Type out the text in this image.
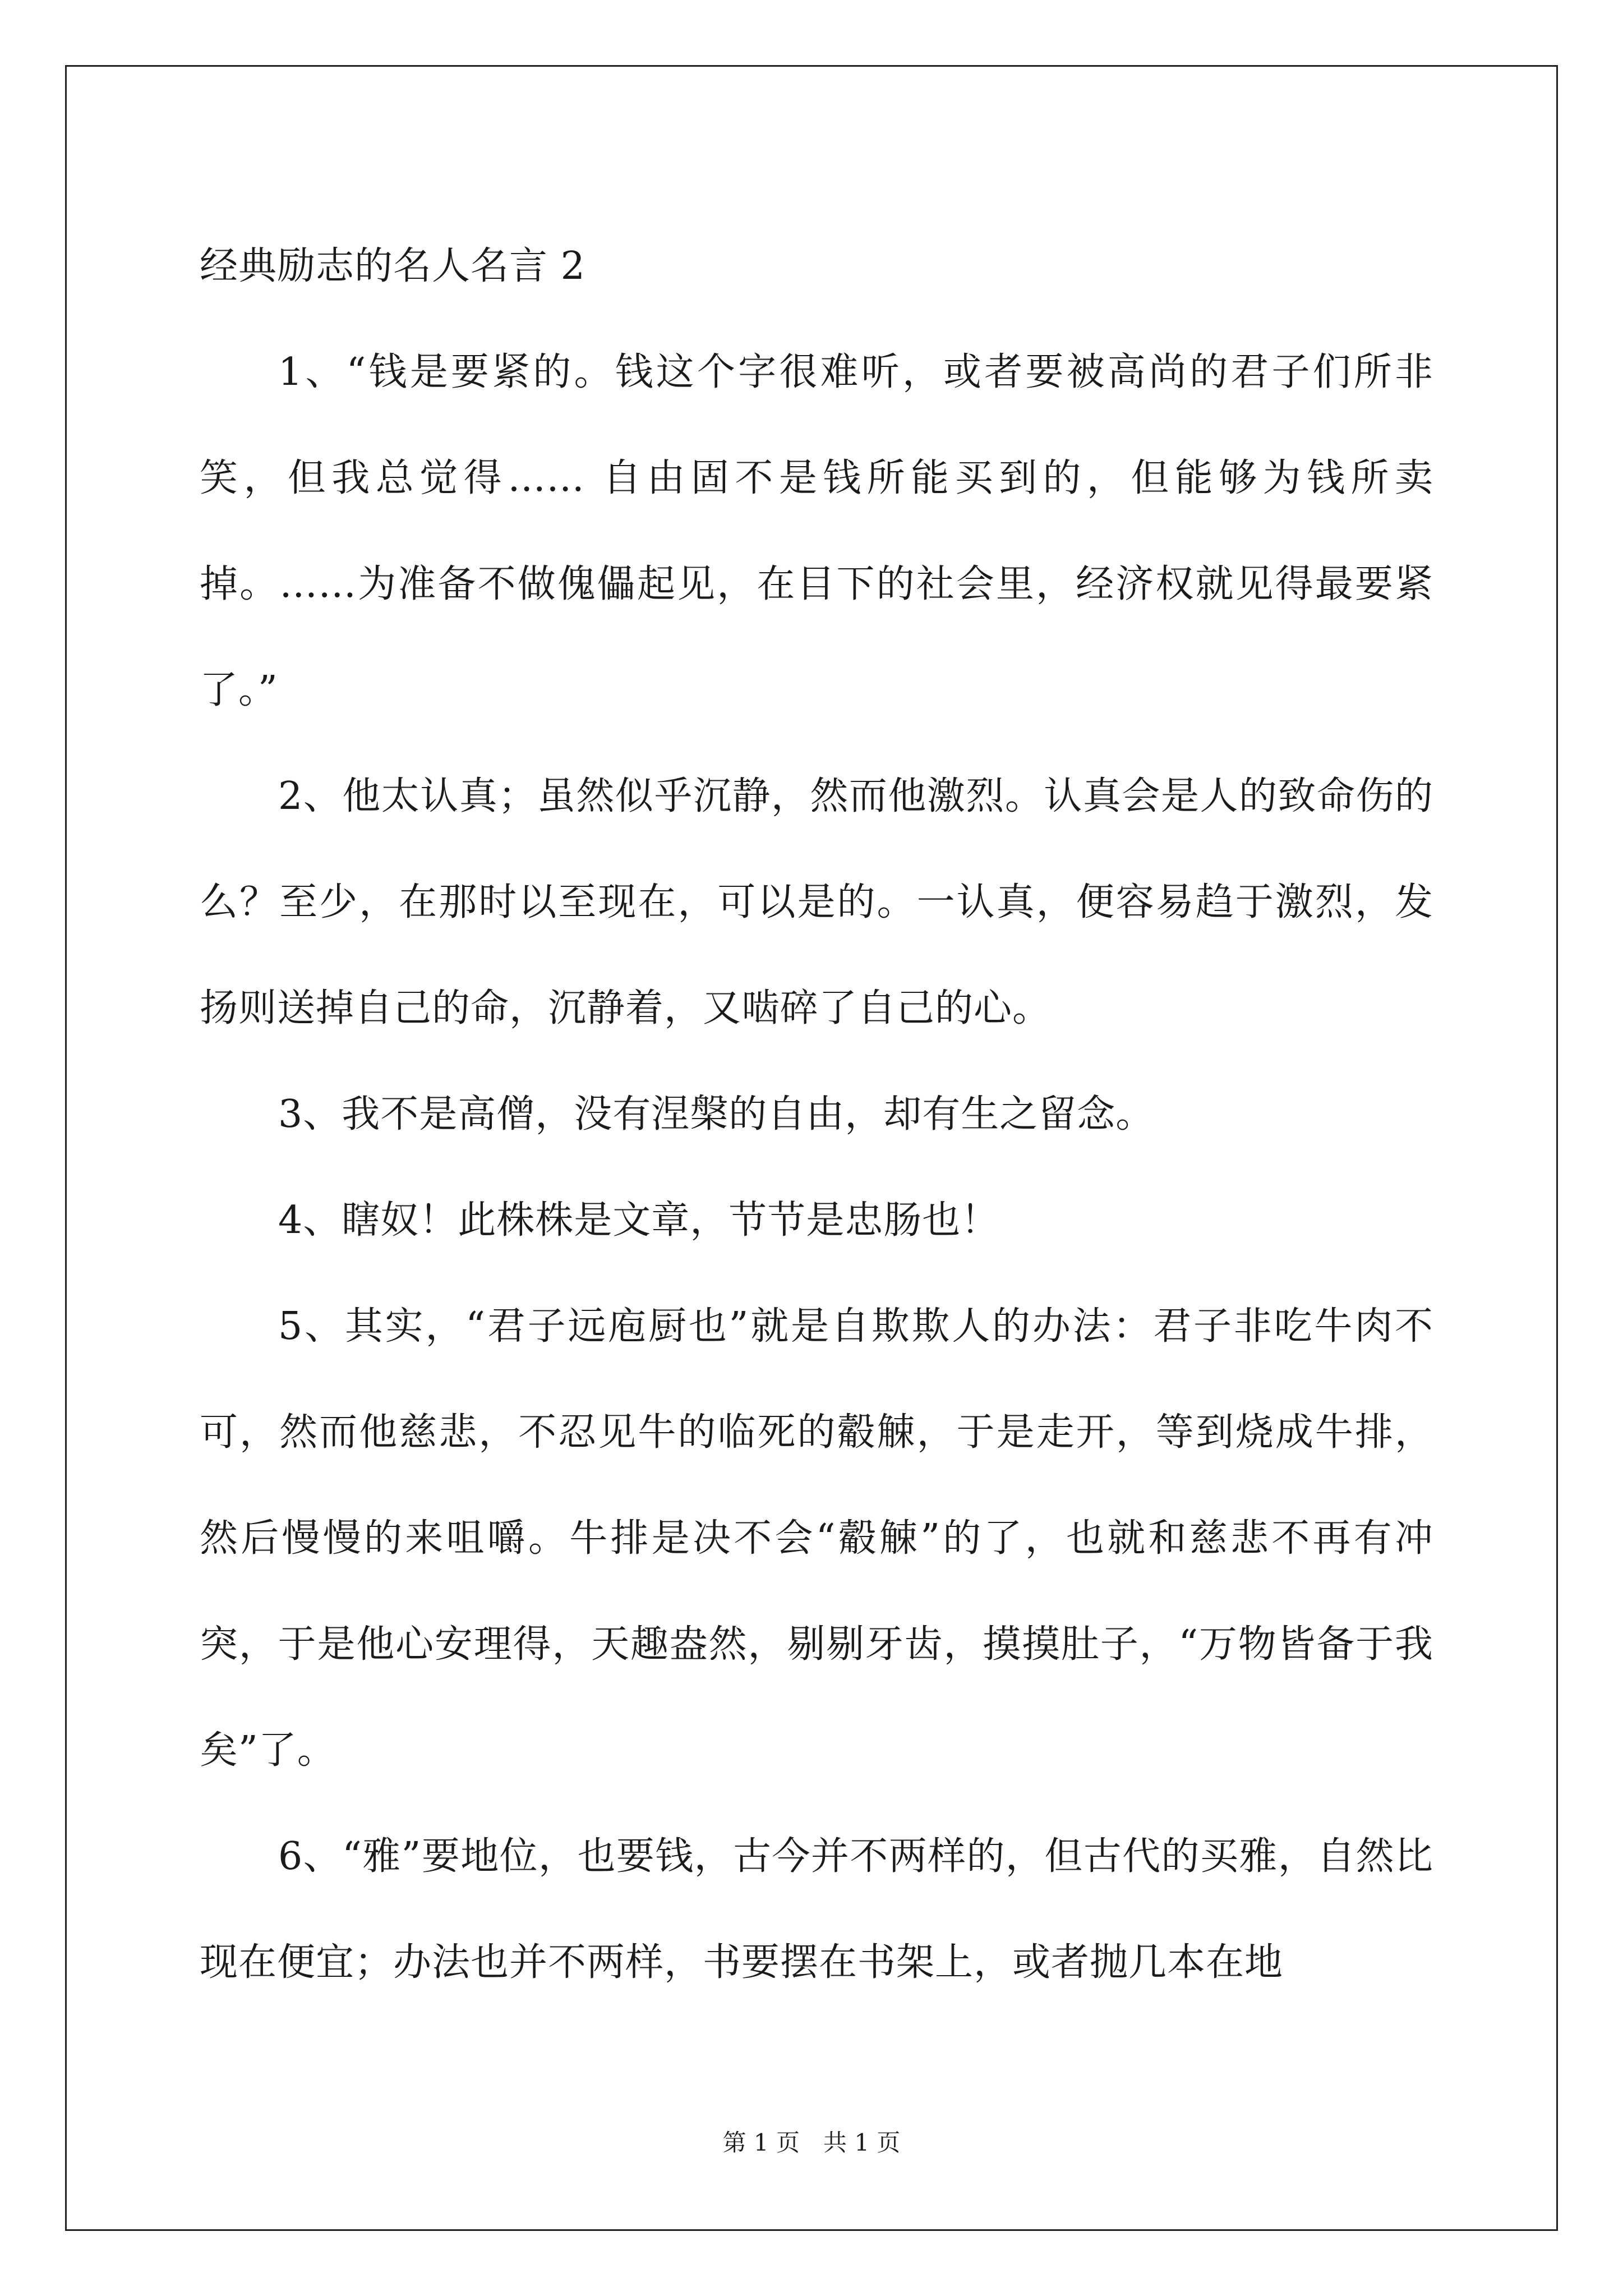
经典励志的名人名言 2

1、“钱是要紧的。钱这个字很难听，或者要被高尚的君子们所非笑，但我总觉得…… 自由固不是钱所能买到的，但能够为钱所卖掉。……为准备不做傀儡起见，在目下的社会里，经济权就见得最要紧了。”

2、他太认真；虽然似乎沉静，然而他激烈。认真会是人的致命伤的么？至少，在那时以至现在，可以是的。一认真，便容易趋于激烈，发扬则送掉自己的命，沉静着，又啮碎了自己的心。

3、我不是高僧，没有涅槃的自由，却有生之留念。

4、瞎奴！此株株是文章，节节是忠肠也！

5、其实，“君子远庖厨也”就是自欺欺人的办法：君子非吃牛肉不可，然而他慈悲，不忍见牛的临死的觳觫，于是走开，等到烧成牛排，然后慢慢的来咀嚼。牛排是决不会“觳觫”的了，也就和慈悲不再有冲突，于是他心安理得，天趣盎然，剔剔牙齿，摸摸肚子，“万物皆备于我矣”了。

6、“雅”要地位，也要钱，古今并不两样的，但古代的买雅，自然比现在便宜；办法也并不两样，书要摆在书架上，或者抛几本在地

第 1 页　共 1 页
